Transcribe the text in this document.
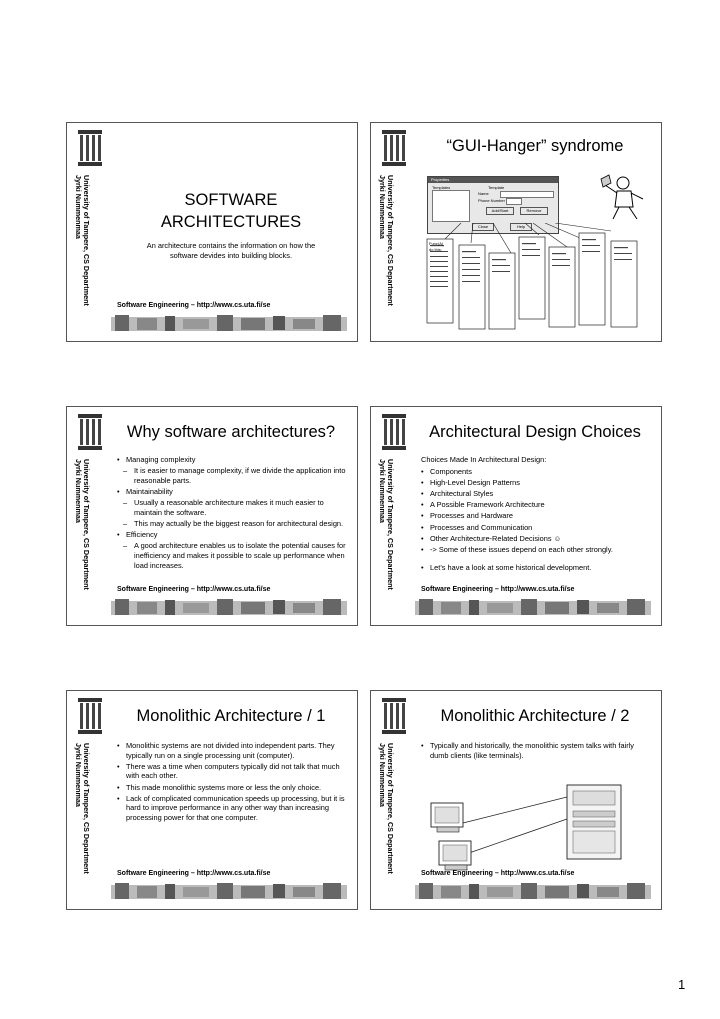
University of Tampere, CS Department
Jyrki Nummenmaa	SOFTWARE
ARCHITECTURES
An architecture contains the information on how the
software devides into building blocks.
Software Engineering – http://www.cs.uta.fi/se	University of Tampere, CS Department
Jyrki Nummenmaa
“GUI-Hanger” syndrome
Properties
Templates	Template
Name
Phone Number
Add/Start	Remove
Close	Help
Func(A)
do this;
University of Tampere, CS Department
Jyrki Nummenmaa
Why software architectures?
• Managing complexity
– It is easier to manage complexity, if we divide the application into reasonable parts.
• Maintainability
– Usually a reasonable architecture makes it much easier to maintain the software.
– This may actually be the biggest reason for architectural design.
• Efficiency
– A good architecture enables us to isolate the potential causes for inefficiency and makes it possible to scale up performance when load increases.
Software Engineering – http://www.cs.uta.fi/se	University of Tampere, CS Department
Jyrki Nummenmaa
Architectural Design Choices
Choices Made In Architectural Design:
• Components
• High-Level Design Patterns
• Architectural Styles
• A Possible Framework Architecture
• Processes and Hardware
• Processes and Communication
• Other Architecture-Related Decisions ☺
• -> Some of these issues depend on each other strongly.
• Let’s have a look at some historical development.
Software Engineering – http://www.cs.uta.fi/se
University of Tampere, CS Department
Jyrki Nummenmaa
Monolithic Architecture / 1
• Monolithic systems are not divided into independent parts. They typically run on a single processing unit (computer).
• There was a time when computers typically did not talk that much with each other.
• This made monolithic systems more or less the only choice.
• Lack of complicated communication speeds up processing, but it is hard to improve performance in any other way than increasing processing power for that one computer.
Software Engineering – http://www.cs.uta.fi/se	University of Tampere, CS Department
Jyrki Nummenmaa
Monolithic Architecture / 2
• Typically and historically, the monolithic system talks with fairly dumb clients (like terminals).
Software Engineering – http://www.cs.uta.fi/se
1
